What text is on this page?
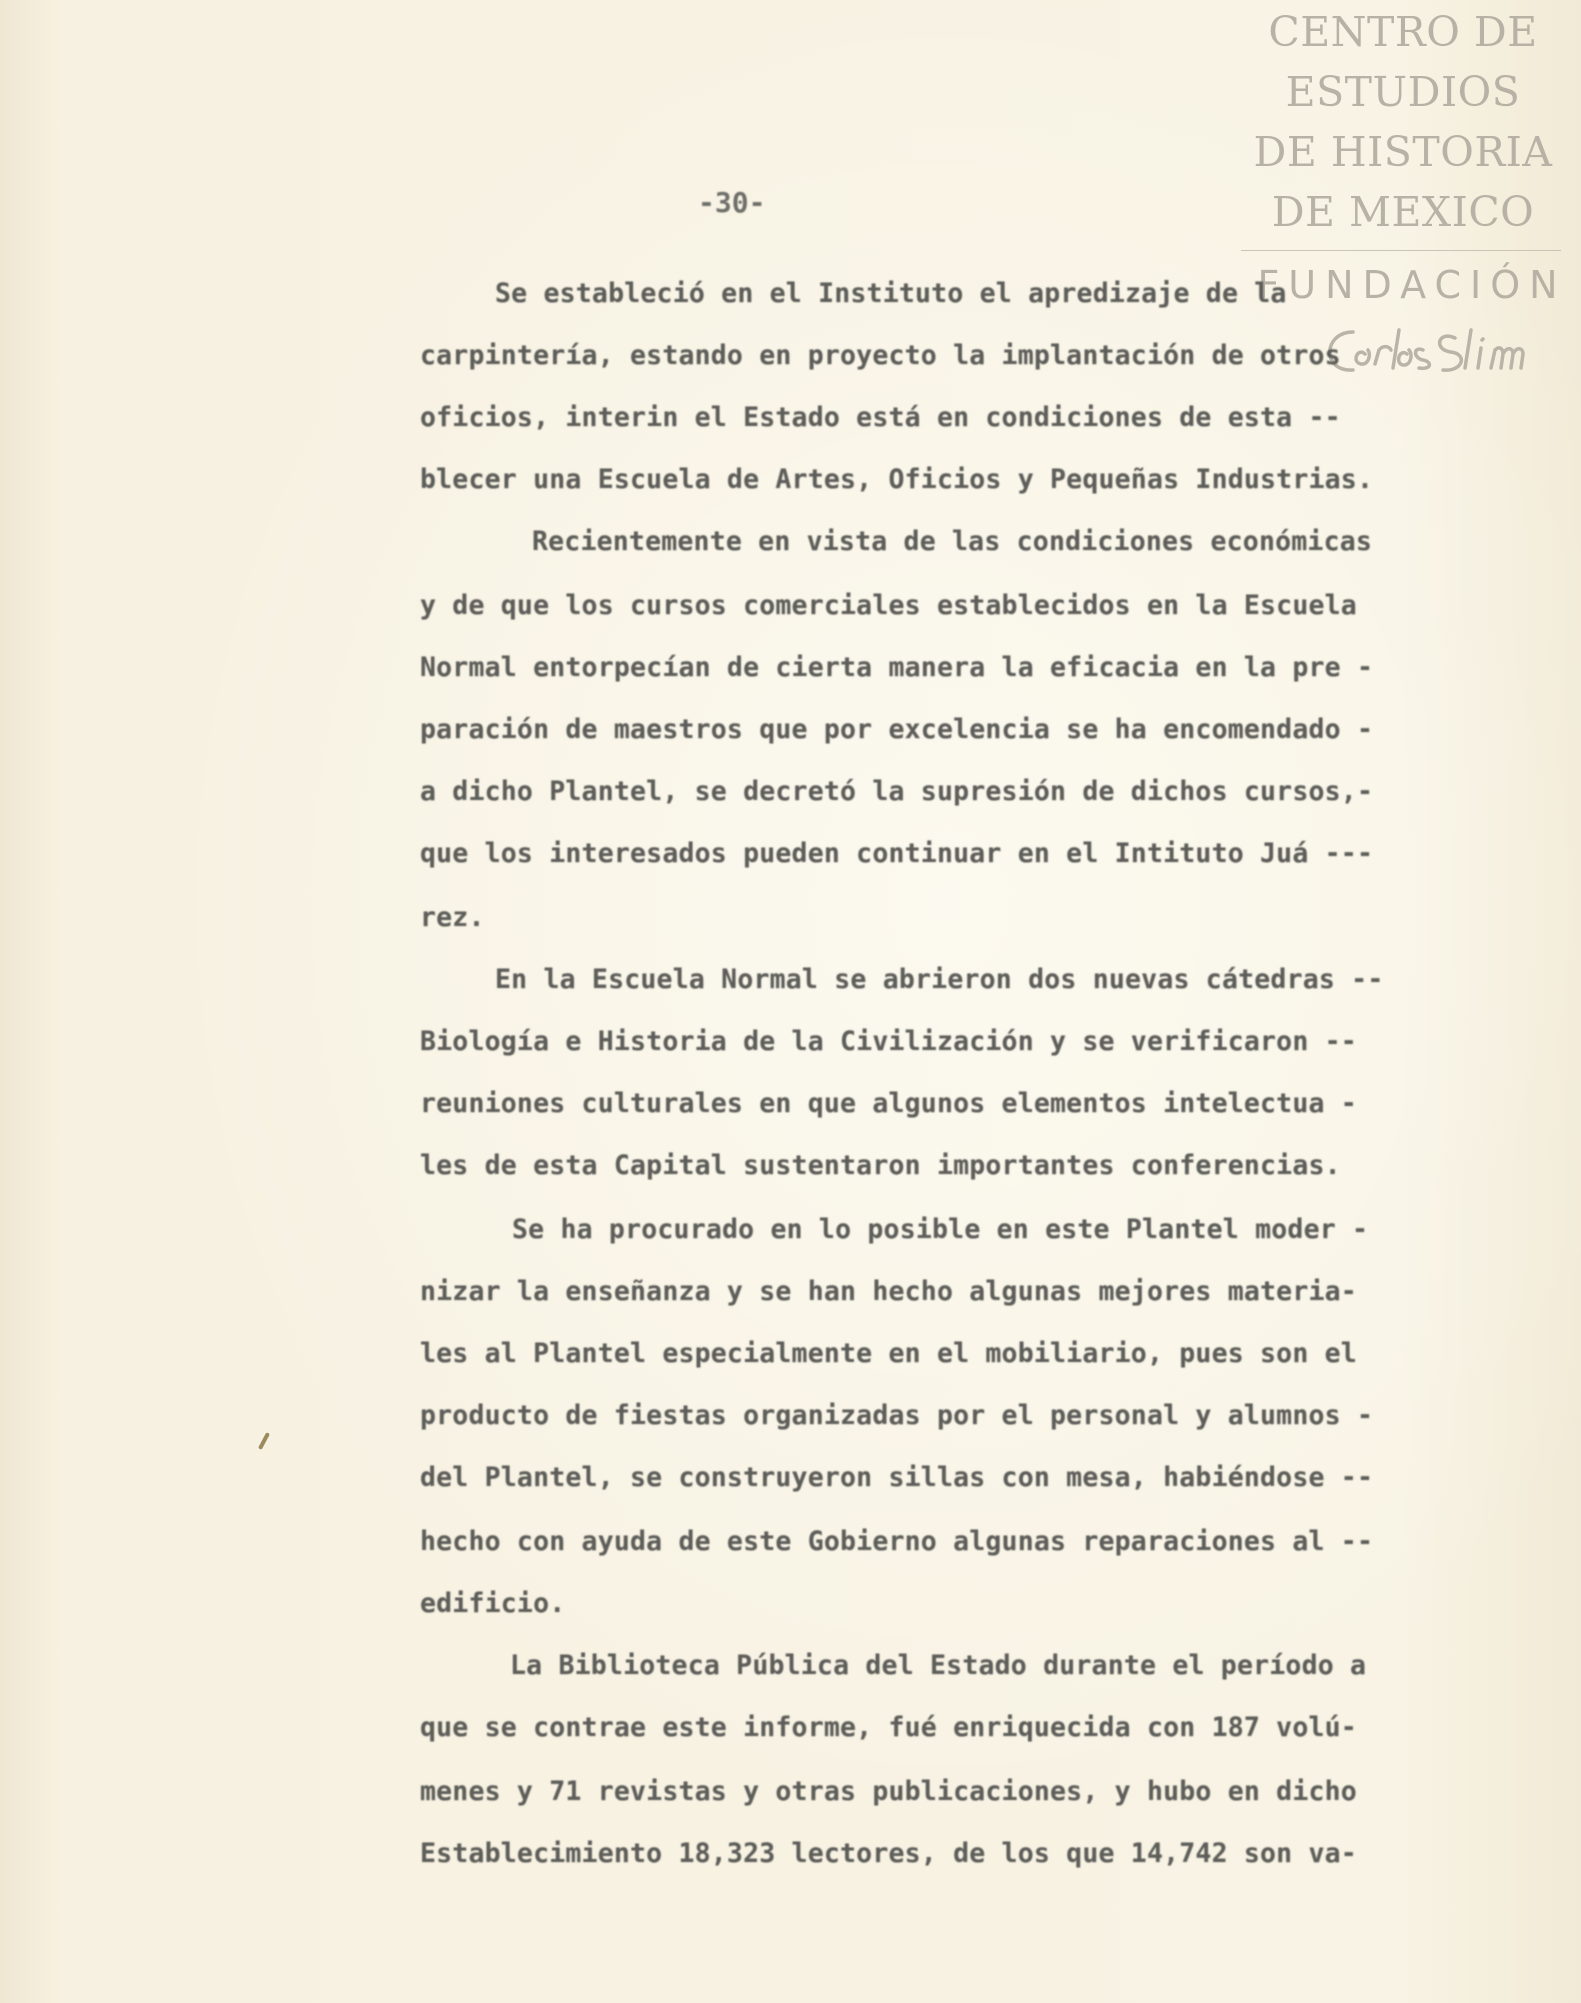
CENTRO DE
ESTUDIOS
DE HISTORIA
DE MEXICO
FUNDACIÓN
-30-
Se estableció en el Instituto el apredizaje de la
carpintería, estando en proyecto la implantación de otros
oficios, interin el Estado está en condiciones de esta --
blecer una Escuela de Artes, Oficios y Pequeñas Industrias.
Recientemente en vista de las condiciones económicas
y de que los cursos comerciales establecidos en la Escuela
Normal entorpecían de cierta manera la eficacia en la pre -
paración de maestros que por excelencia se ha encomendado -
a dicho Plantel, se decretó la supresión de dichos cursos,-
que los interesados pueden continuar en el Intituto Juá ---
rez.
En la Escuela Normal se abrieron dos nuevas cátedras --
Biología e Historia de la Civilización y se verificaron --
reuniones culturales en que algunos elementos intelectua -
les de esta Capital sustentaron importantes conferencias.
Se ha procurado en lo posible en este Plantel moder -
nizar la enseñanza y se han hecho algunas mejores materia-
les al Plantel especialmente en el mobiliario, pues son el
producto de fiestas organizadas por el personal y alumnos -
del Plantel, se construyeron sillas con mesa, habiéndose --
hecho con ayuda de este Gobierno algunas reparaciones al --
edificio.
La Biblioteca Pública del Estado durante el período a
que se contrae este informe, fué enriquecida con 187 volú-
menes y 71 revistas y otras publicaciones, y hubo en dicho
Establecimiento 18,323 lectores, de los que 14,742 son va-
